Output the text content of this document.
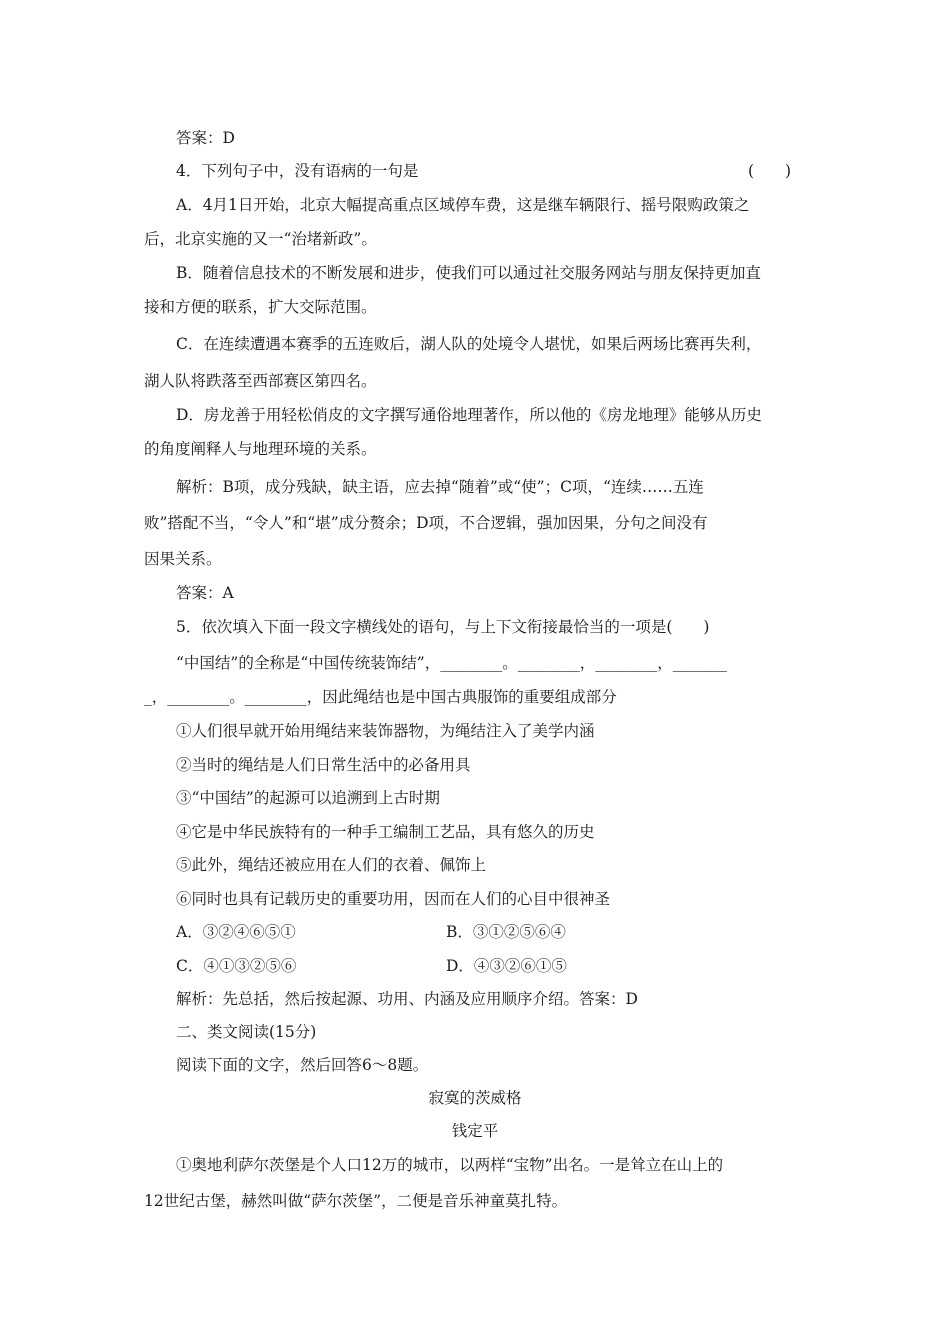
答案：D
4．下列句子中，没有语病的一句是	(　　)
A．4月1日开始，北京大幅提高重点区域停车费，这是继车辆限行、摇号限购政策之
后，北京实施的又一“治堵新政”。
B．随着信息技术的不断发展和进步，使我们可以通过社交服务网站与朋友保持更加直
接和方便的联系，扩大交际范围。
C．在连续遭遇本赛季的五连败后，湖人队的处境令人堪忧，如果后两场比赛再失利，
湖人队将跌落至西部赛区第四名。
D．房龙善于用轻松俏皮的文字撰写通俗地理著作，所以他的《房龙地理》能够从历史
的角度阐释人与地理环境的关系。
解析：B项，成分残缺，缺主语，应去掉“随着”或“使”；C项，“连续……五连
败”搭配不当，“令人”和“堪”成分赘余；D项，不合逻辑，强加因果，分句之间没有
因果关系。
答案：A
5．依次填入下面一段文字横线处的语句，与上下文衔接最恰当的一项是(　　)
“中国结”的全称是“中国传统装饰结”，________。________，________，_______
_，________。________，因此绳结也是中国古典服饰的重要组成部分
①人们很早就开始用绳结来装饰器物，为绳结注入了美学内涵
②当时的绳结是人们日常生活中的必备用具
③“中国结”的起源可以追溯到上古时期
④它是中华民族特有的一种手工编制工艺品，具有悠久的历史
⑤此外，绳结还被应用在人们的衣着、佩饰上
⑥同时也具有记载历史的重要功用，因而在人们的心目中很神圣
A．③②④⑥⑤①	B．③①②⑤⑥④
C．④①③②⑤⑥	D．④③②⑥①⑤
解析：先总括，然后按起源、功用、内涵及应用顺序介绍。答案：D
二、类文阅读(15分)
阅读下面的文字，然后回答6～8题。
寂寞的茨威格
钱定平
①奥地利萨尔茨堡是个人口12万的城市，以两样“宝物”出名。一是耸立在山上的
12世纪古堡，赫然叫做“萨尔茨堡”，二便是音乐神童莫扎特。
